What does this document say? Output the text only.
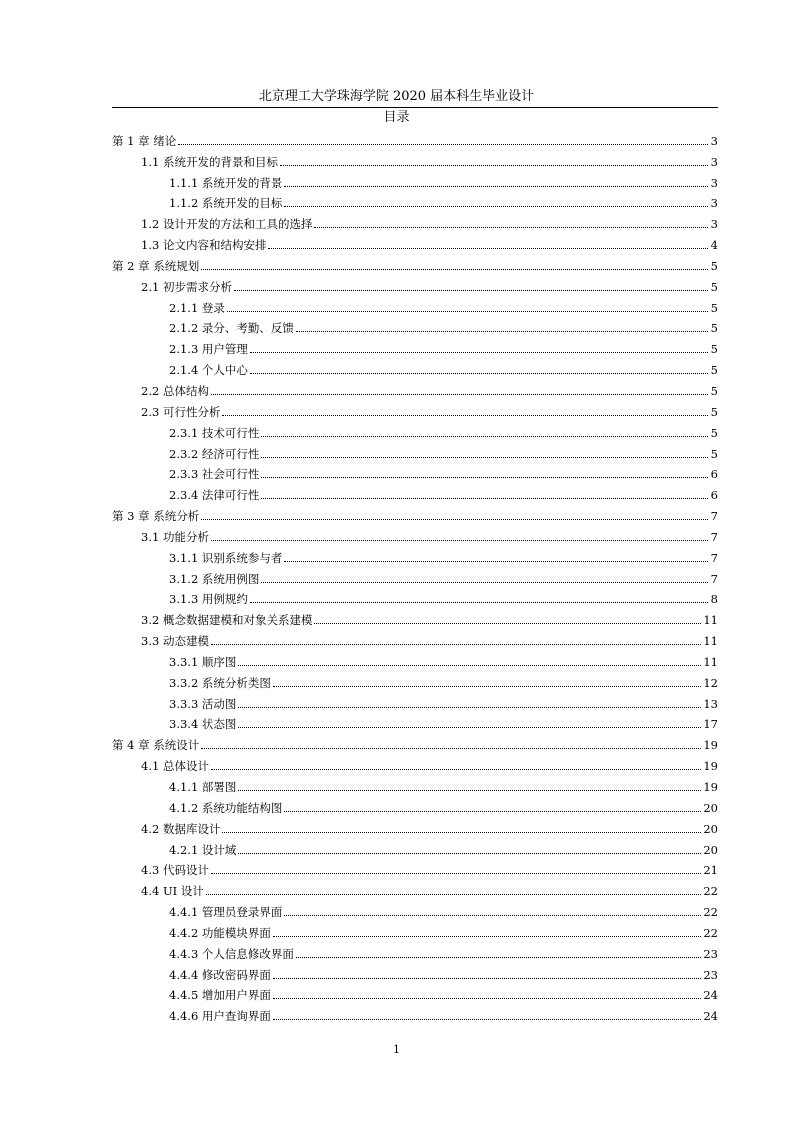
北京理工大学珠海学院 2020 届本科生毕业设计
目录
第 1 章 绪论	3
1.1 系统开发的背景和目标	3
1.1.1 系统开发的背景	3
1.1.2 系统开发的目标	3
1.2 设计开发的方法和工具的选择	3
1.3 论文内容和结构安排	4
第 2 章 系统规划	5
2.1 初步需求分析	5
2.1.1 登录	5
2.1.2 录分、考勤、反馈	5
2.1.3 用户管理	5
2.1.4 个人中心	5
2.2 总体结构	5
2.3 可行性分析	5
2.3.1 技术可行性	5
2.3.2 经济可行性	5
2.3.3 社会可行性	6
2.3.4 法律可行性	6
第 3 章 系统分析	7
3.1 功能分析	7
3.1.1 识别系统参与者	7
3.1.2 系统用例图	7
3.1.3 用例规约	8
3.2 概念数据建模和对象关系建模	11
3.3 动态建模	11
3.3.1 顺序图	11
3.3.2 系统分析类图	12
3.3.3 活动图	13
3.3.4 状态图	17
第 4 章 系统设计	19
4.1 总体设计	19
4.1.1 部署图	19
4.1.2 系统功能结构图	20
4.2 数据库设计	20
4.2.1 设计域	20
4.3 代码设计	21
4.4 UI 设计	22
4.4.1 管理员登录界面	22
4.4.2 功能模块界面	22
4.4.3 个人信息修改界面	23
4.4.4 修改密码界面	23
4.4.5 增加用户界面	24
4.4.6 用户查询界面	24
1
